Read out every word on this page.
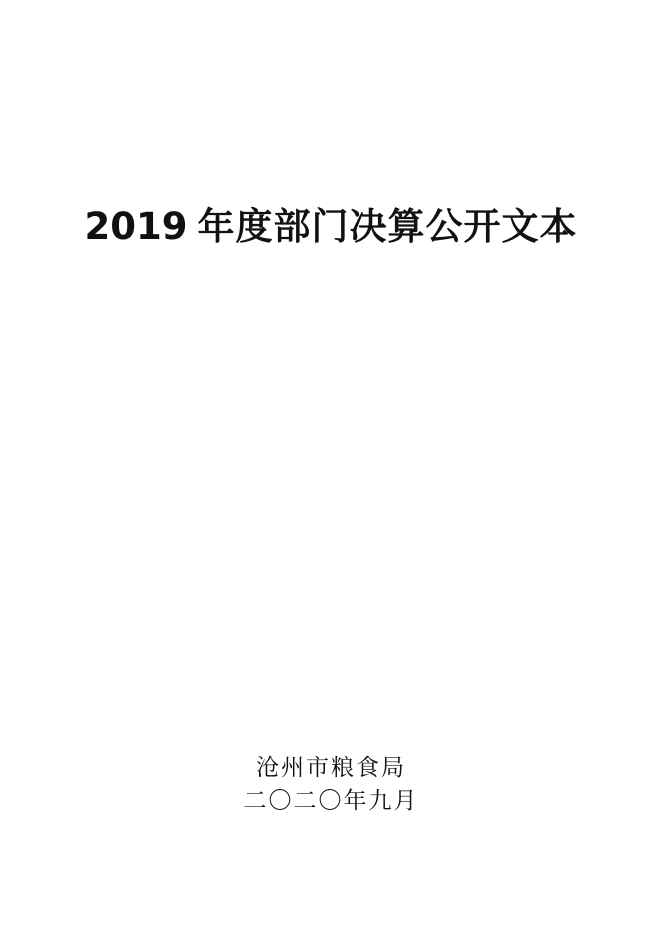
2019 年度部门决算公开文本
沧州市粮食局
二〇二〇年九月
